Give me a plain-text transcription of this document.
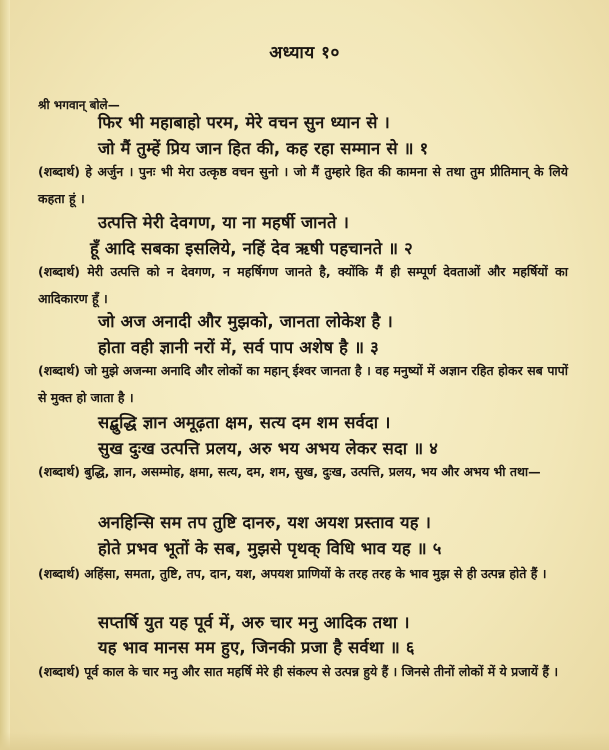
अध्याय १०
श्री भगवान् बोले—
फिर भी महाबाहो परम, मेरे वचन सुन ध्यान से ।
जो मैं तुम्हें प्रिय जान हित की, कह रहा सम्मान से ॥ १
(शब्दार्थ) हे अर्जुन । पुनः भी मेरा उत्कृष्ठ वचन सुनो । जो मैं तुम्हारे हित की कामना से तथा तुम प्रीतिमान् के लिये कहता हूं ।
उत्पत्ति मेरी देवगण, या ना महर्षी जानते ।
हूँ आदि सबका इसलिये, नहिं देव ऋषी पहचानते ॥ २
(शब्दार्थ) मेरी उत्पत्ति को न देवगण, न महर्षिगण जानते है, क्योंकि मैं ही सम्पूर्ण देवताओं और महर्षियों का आदिकारण हूँ ।
जो अज अनादी और मुझको, जानता लोकेश है ।
होता वही ज्ञानी नरों में, सर्व पाप अशेष है ॥ ३
(शब्दार्थ) जो मुझे अजन्मा अनादि और लोकों का महान् ईश्वर जानता है । वह मनुष्यों में अज्ञान रहित होकर सब पापों से मुक्त हो जाता है ।
सद्बुद्धि ज्ञान अमूढ़ता क्षम, सत्य दम शम सर्वदा ।
सुख दुःख उत्पत्ति प्रलय, अरु भय अभय लेकर सदा ॥ ४
(शब्दार्थ) बुद्धि, ज्ञान, असम्मोह, क्षमा, सत्य, दम, शम, सुख, दुःख, उत्पत्ति, प्रलय, भय और अभय भी तथा—
अनहिन्सि सम तप तुष्टि दानरु, यश अयश प्रस्ताव यह ।
होते प्रभव भूतों के सब, मुझसे पृथक् विधि भाव यह ॥ ५
(शब्दार्थ) अहिंसा, समता, तुष्टि, तप, दान, यश, अपयश प्राणियों के तरह तरह के भाव मुझ से ही उत्पन्न होते हैं ।
सप्तर्षि युत यह पूर्व में, अरु चार मनु आदिक तथा ।
यह भाव मानस मम हुए, जिनकी प्रजा है सर्वथा ॥ ६
(शब्दार्थ) पूर्व काल के चार मनु और सात महर्षि मेरे ही संकल्प से उत्पन्न हुये हैं । जिनसे तीनों लोकों में ये प्रजायें हैं ।
